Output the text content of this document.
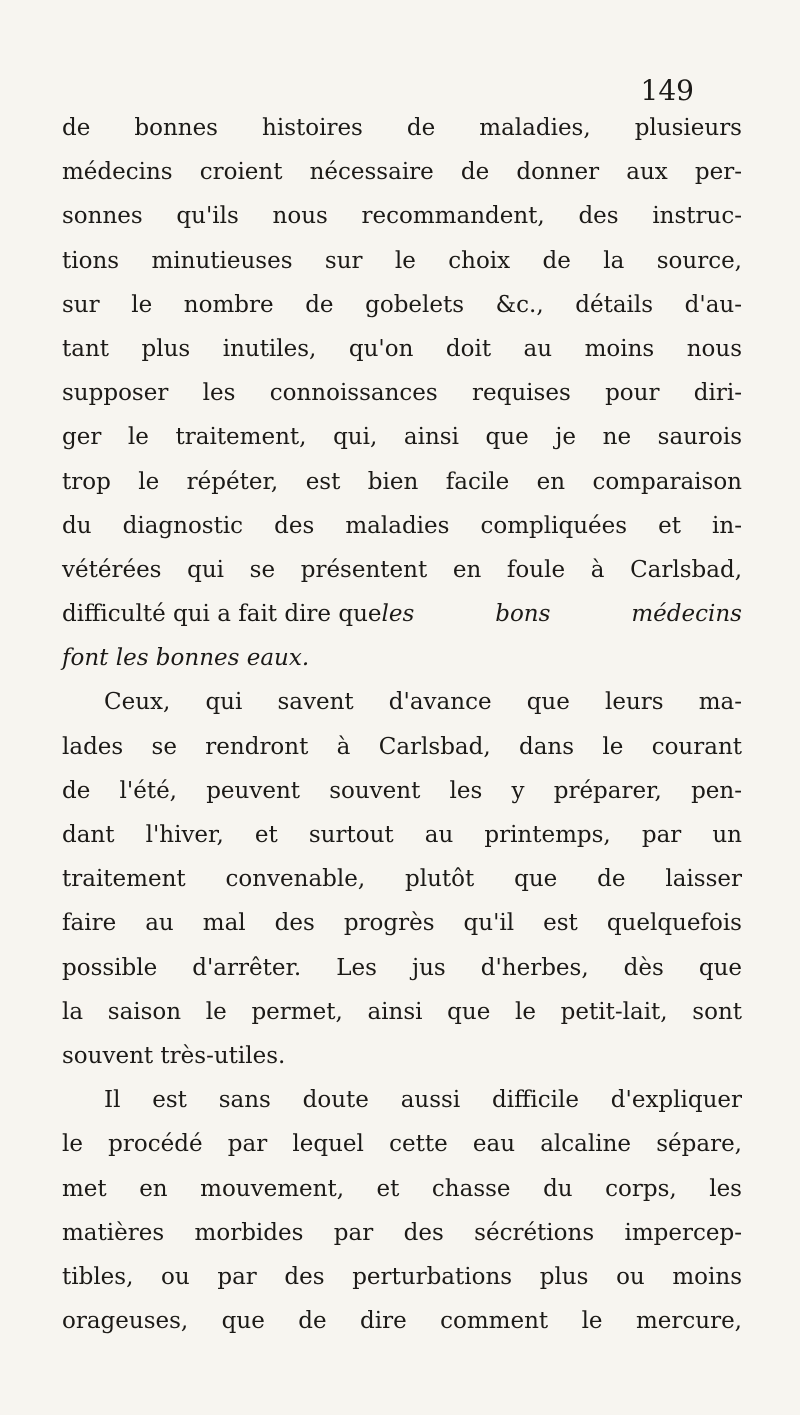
149
de bonnes histoires de maladies, plusieurs
médecins croient nécessaire de donner aux per-
sonnes qu'ils nous recommandent, des instruc-
tions minutieuses sur le choix de la source,
sur le nombre de gobelets &c., détails d'au-
tant plus inutiles, qu'on doit au moins nous
supposer les connoissances requises pour diri-
ger le traitement, qui, ainsi que je ne saurois
trop le répéter, est bien facile en comparaison
du diagnostic des maladies compliquées et in-
vétérées qui se présentent en foule à Carlsbad,
difficulté qui a fait dire queles bons médecins
font les bonnes eaux.
Ceux, qui savent d'avance que leurs ma-
lades se rendront à Carlsbad, dans le courant
de l'été, peuvent souvent les y préparer, pen-
dant l'hiver, et surtout au printemps, par un
traitement convenable, plutôt que de laisser
faire au mal des progrès qu'il est quelquefois
possible d'arrêter. Les jus d'herbes, dès que
la saison le permet, ainsi que le petit-lait, sont
souvent très-utiles.
Il est sans doute aussi difficile d'expliquer
le procédé par lequel cette eau alcaline sépare,
met en mouvement, et chasse du corps, les
matières morbides par des sécrétions impercep-
tibles, ou par des perturbations plus ou moins
orageuses, que de dire comment le mercure,
